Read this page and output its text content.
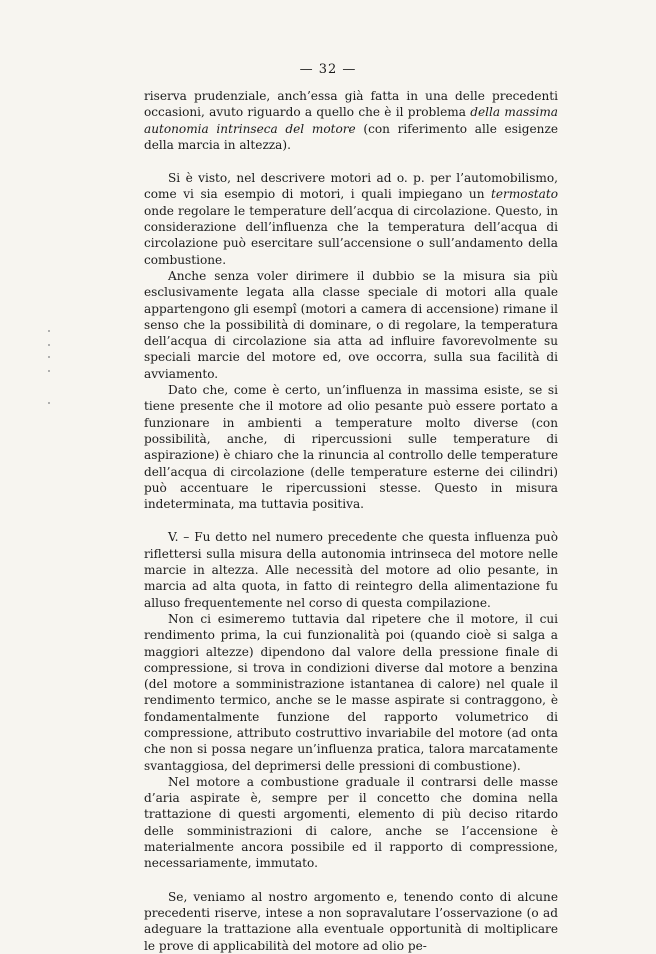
— 32 —

riserva prudenziale, anch’essa già fatta in una delle precedenti occasioni, avuto riguardo a quello che è il problema della massima autonomia intrinseca del motore (con riferimento alle esigenze della marcia in altezza).

Si è visto, nel descrivere motori ad o. p. per l’automobilismo, come vi sia esempio di motori, i quali impiegano un termostato onde regolare le temperature dell’acqua di circolazione. Questo, in considerazione dell’influenza che la temperatura dell’acqua di circolazione può esercitare sull’accensione o sull’andamento della combustione.

Anche senza voler dirimere il dubbio se la misura sia più esclusivamente legata alla classe speciale di motori alla quale appartengono gli esempî (motori a camera di accensione) rimane il senso che la possibilità di dominare, o di regolare, la temperatura dell’acqua di circolazione sia atta ad influire favorevolmente su speciali marcie del motore ed, ove occorra, sulla sua facilità di avviamento.

Dato che, come è certo, un’influenza in massima esiste, se si tiene presente che il motore ad olio pesante può essere portato a funzionare in ambienti a temperature molto diverse (con possibilità, anche, di ripercussioni sulle temperature di aspirazione) è chiaro che la rinuncia al controllo delle temperature dell’acqua di circolazione (delle temperature esterne dei cilindri) può accentuare le ripercussioni stesse. Questo in misura indeterminata, ma tuttavia positiva.

V. – Fu detto nel numero precedente che questa influenza può riflettersi sulla misura della autonomia intrinseca del motore nelle marcie in altezza. Alle necessità del motore ad olio pesante, in marcia ad alta quota, in fatto di reintegro della alimentazione fu alluso frequentemente nel corso di questa compilazione.

Non ci esimeremo tuttavia dal ripetere che il motore, il cui rendimento prima, la cui funzionalità poi (quando cioè si salga a maggiori altezze) dipendono dal valore della pressione finale di compressione, si trova in condizioni diverse dal motore a benzina (del motore a somministrazione istantanea di calore) nel quale il rendimento termico, anche se le masse aspirate si contraggono, è fondamentalmente funzione del rapporto volumetrico di compressione, attributo costruttivo invariabile del motore (ad onta che non si possa negare un’influenza pratica, talora marcatamente svantaggiosa, del deprimersi delle pressioni di combustione).

Nel motore a combustione graduale il contrarsi delle masse d’aria aspirate è, sempre per il concetto che domina nella trattazione di questi argomenti, elemento di più deciso ritardo delle somministrazioni di calore, anche se l’accensione è materialmente ancora possibile ed il rapporto di compressione, necessariamente, immutato.

Se, veniamo al nostro argomento e, tenendo conto di alcune precedenti riserve, intese a non sopravalutare l’osservazione (o ad adeguare la trattazione alla eventuale opportunità di moltiplicare le prove di applicabilità del motore ad olio pe-
